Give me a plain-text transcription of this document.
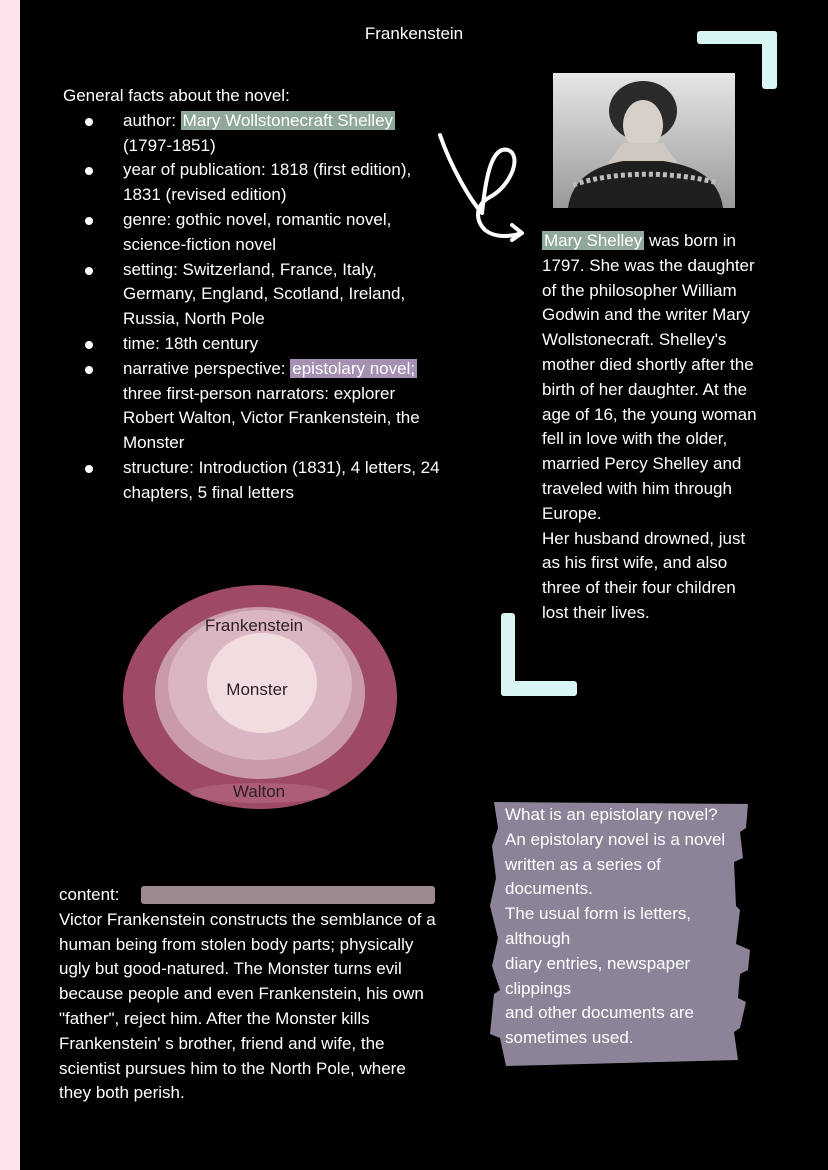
Frankenstein
General facts about the novel:
author: Mary Wollstonecraft Shelley
(1797-1851)
year of publication: 1818 (first edition), 1831 (revised edition)
genre: gothic novel, romantic novel, science-fiction novel
setting: Switzerland, France, Italy, Germany, England, Scotland, Ireland, Russia, North Pole
time: 18th century
narrative perspective: epistolary novel; three first-person narrators: explorer Robert Walton, Victor Frankenstein, the Monster
structure: Introduction (1831), 4 letters, 24 chapters, 5 final letters
Mary Shelley was born in 1797. She was the daughter of the philosopher William Godwin and the writer Mary Wollstonecraft. Shelley's mother died shortly after the birth of her daughter. At the age of 16, the young woman fell in love with the older, married Percy Shelley and traveled with him through Europe.
Her husband drowned, just as his first wife, and also three of their four children lost their lives.
Frankenstein
Monster
Walton
content:
Victor Frankenstein constructs the semblance of a human being from stolen body parts; physically ugly but good-natured. The Monster turns evil because people and even Frankenstein, his own "father", reject him. After the Monster kills Frankenstein' s brother, friend and wife, the scientist pursues him to the North Pole, where they both perish.
What is an epistolary novel?
An epistolary novel is a novel written as a series of documents.
The usual form is letters, although
diary entries, newspaper clippings
and other documents are sometimes used.
